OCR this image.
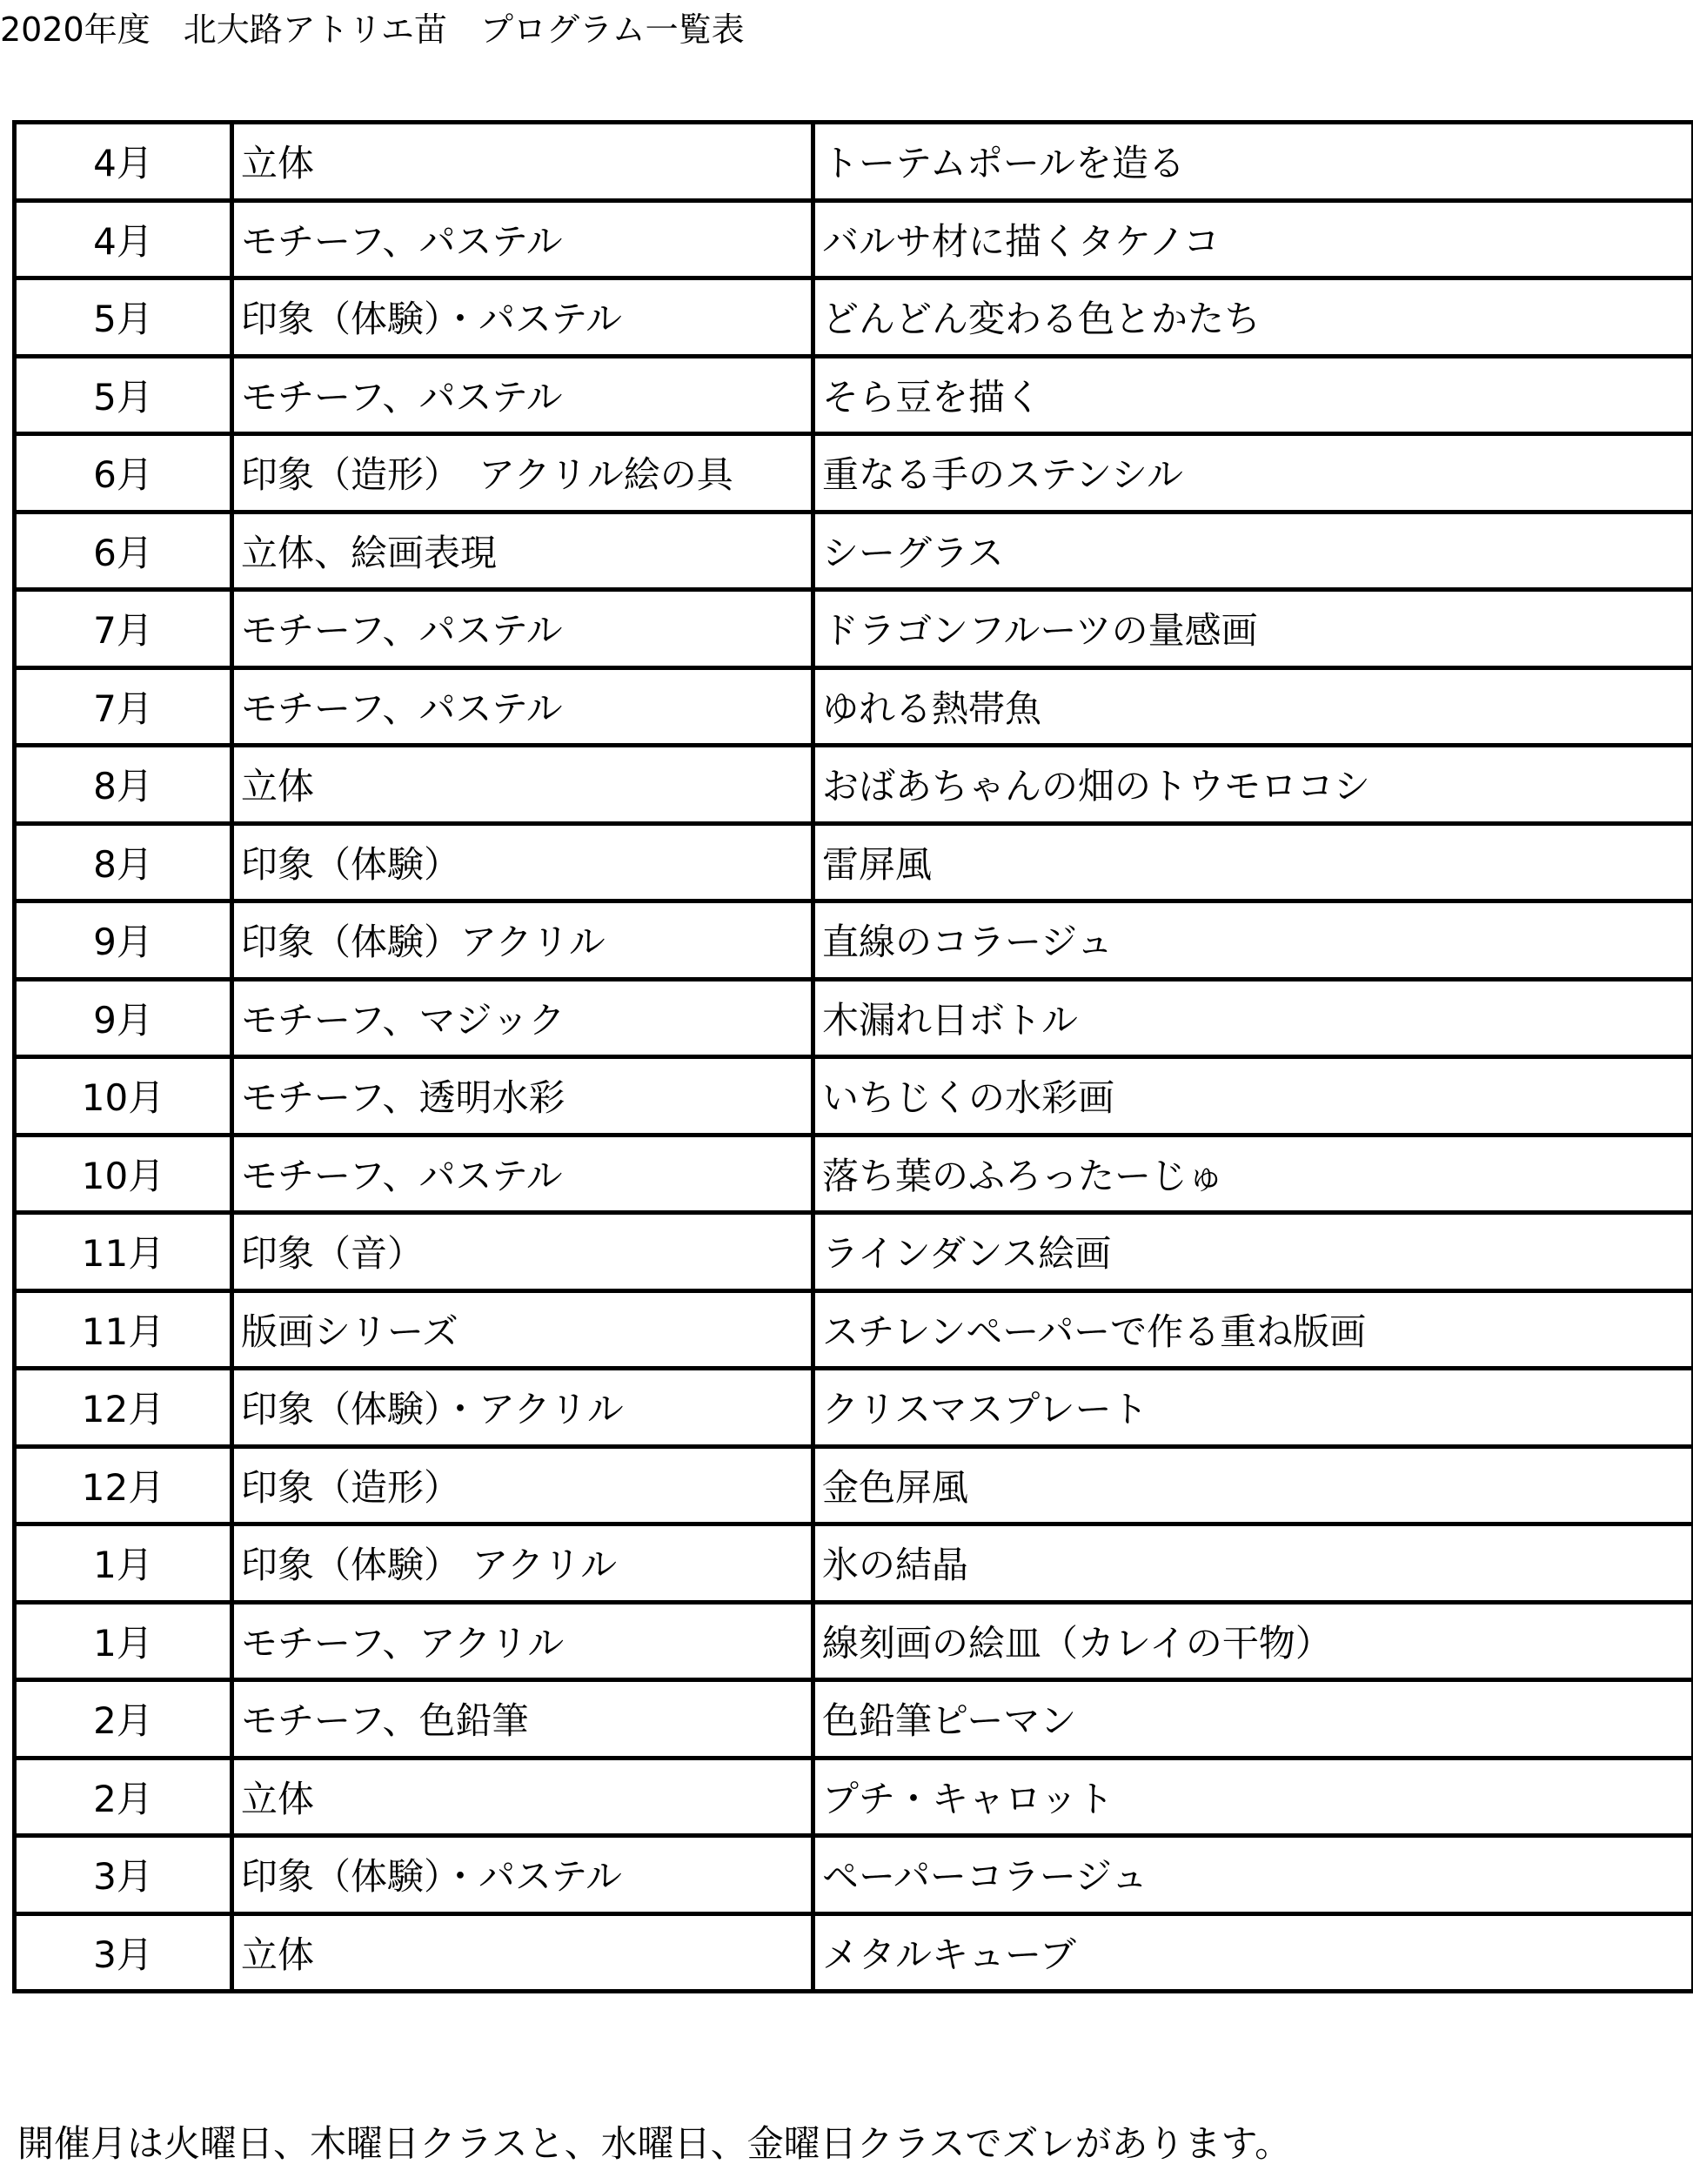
2020年度 北大路アトリエ苗 プログラム一覧表
4月	立体	トーテムポールを造る
4月	モチーフ、パステル	バルサ材に描くタケノコ
5月	印象（体験）・パステル	どんどん変わる色とかたち
5月	モチーフ、パステル	そら豆を描く
6月	印象（造形）　アクリル絵の具	重なる手のステンシル
6月	立体、絵画表現	シーグラス
7月	モチーフ、パステル	ドラゴンフルーツの量感画
7月	モチーフ、パステル	ゆれる熱帯魚
8月	立体	おばあちゃんの畑のトウモロコシ
8月	印象（体験）	雷屏風
9月	印象（体験）アクリル	直線のコラージュ
9月	モチーフ、マジック	木漏れ日ボトル
10月	モチーフ、透明水彩	いちじくの水彩画
10月	モチーフ、パステル	落ち葉のふろったーじゅ
11月	印象（音）	ラインダンス絵画
11月	版画シリーズ	スチレンペーパーで作る重ね版画
12月	印象（体験）・アクリル	クリスマスプレート
12月	印象（造形）	金色屏風
1月	印象（体験） アクリル	氷の結晶
1月	モチーフ、アクリル	線刻画の絵皿（カレイの干物）
2月	モチーフ、色鉛筆	色鉛筆ピーマン
2月	立体	プチ・キャロット
3月	印象（体験）・パステル	ペーパーコラージュ
3月	立体	メタルキューブ
開催月は火曜日、木曜日クラスと、水曜日、金曜日クラスでズレがあります。
